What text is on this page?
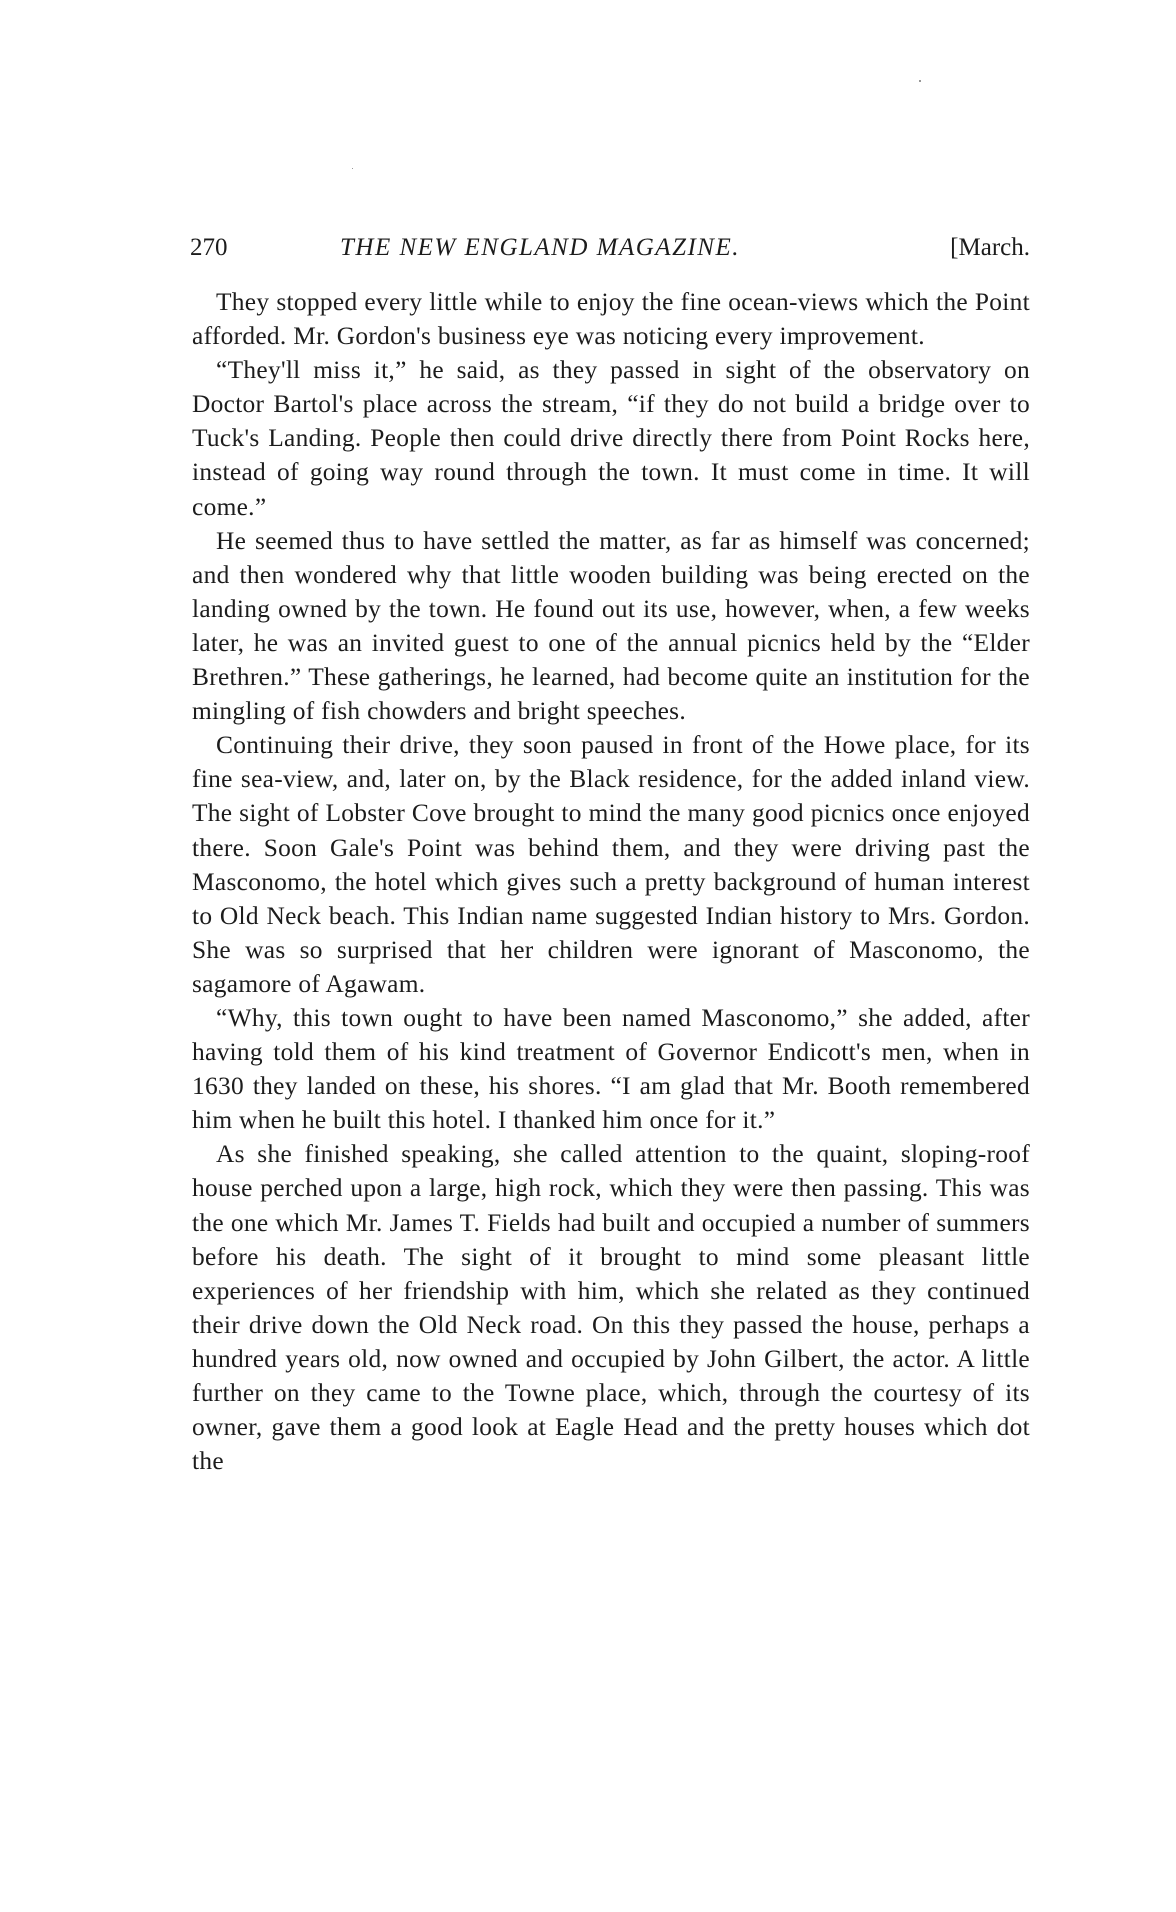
270	THE NEW ENGLAND MAGAZINE.	[March.

They stopped every little while to enjoy the fine ocean-views which the Point afforded. Mr. Gordon's business eye was noticing every improvement.

“They'll miss it,” he said, as they passed in sight of the observatory on Doctor Bartol's place across the stream, “if they do not build a bridge over to Tuck's Landing. People then could drive directly there from Point Rocks here, instead of going way round through the town. It must come in time. It will come.”

He seemed thus to have settled the matter, as far as himself was concerned; and then wondered why that little wooden building was being erected on the landing owned by the town. He found out its use, however, when, a few weeks later, he was an invited guest to one of the annual picnics held by the “Elder Brethren.” These gatherings, he learned, had become quite an institution for the mingling of fish chowders and bright speeches.

Continuing their drive, they soon paused in front of the Howe place, for its fine sea-view, and, later on, by the Black residence, for the added inland view. The sight of Lobster Cove brought to mind the many good picnics once enjoyed there. Soon Gale's Point was behind them, and they were driving past the Masconomo, the hotel which gives such a pretty background of human interest to Old Neck beach. This Indian name suggested Indian history to Mrs. Gordon. She was so surprised that her children were ignorant of Masconomo, the sagamore of Agawam.

“Why, this town ought to have been named Masconomo,” she added, after having told them of his kind treatment of Governor Endicott's men, when in 1630 they landed on these, his shores. “I am glad that Mr. Booth remembered him when he built this hotel. I thanked him once for it.”

As she finished speaking, she called attention to the quaint, sloping-roof house perched upon a large, high rock, which they were then passing. This was the one which Mr. James T. Fields had built and occupied a number of summers before his death. The sight of it brought to mind some pleasant little experiences of her friendship with him, which she related as they continued their drive down the Old Neck road. On this they passed the house, perhaps a hundred years old, now owned and occupied by John Gilbert, the actor. A little further on they came to the Towne place, which, through the courtesy of its owner, gave them a good look at Eagle Head and the pretty houses which dot the
